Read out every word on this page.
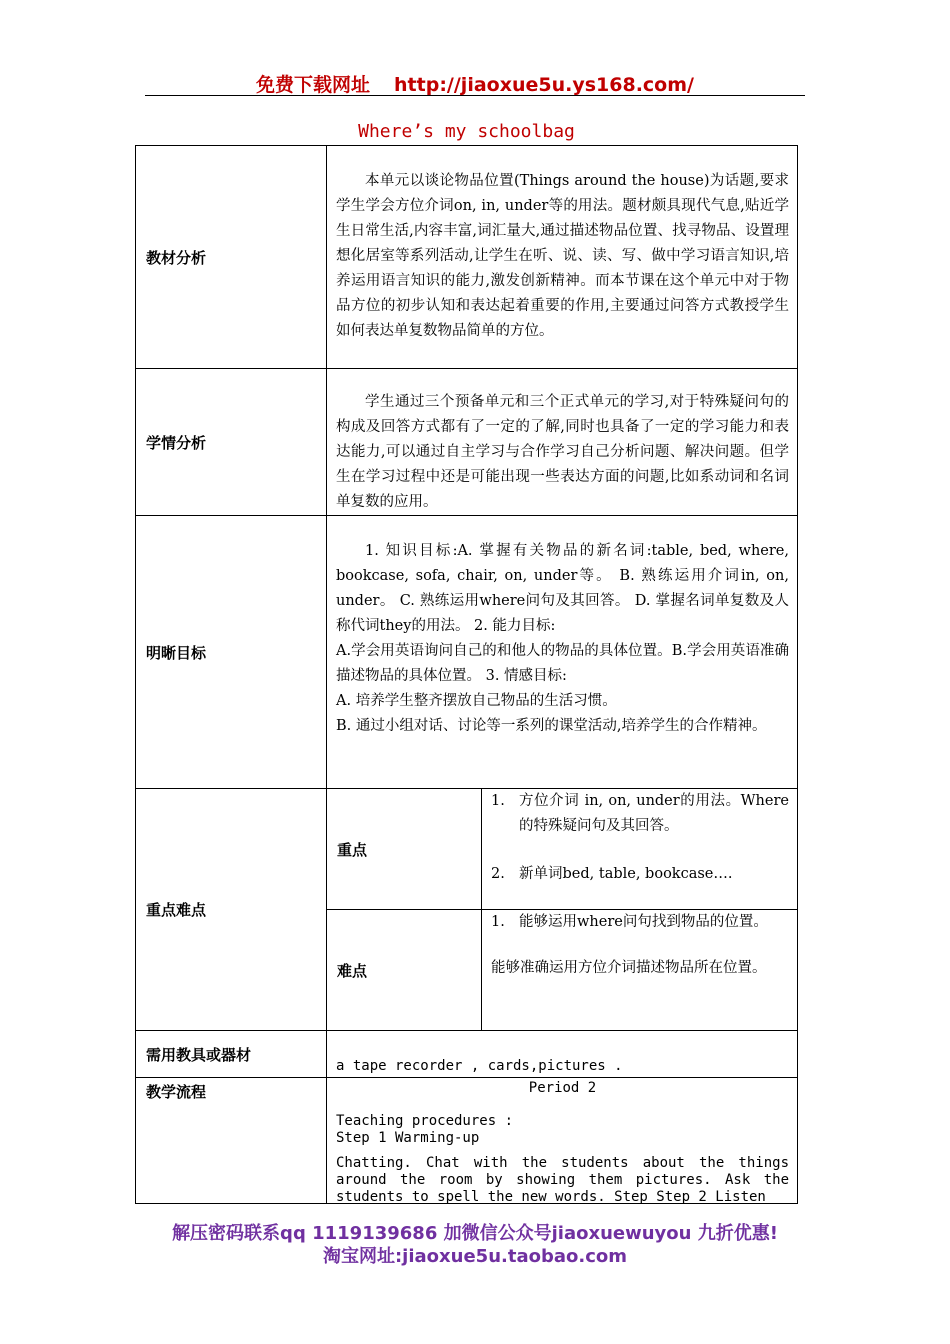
免费下载网址 http://jiaoxue5u.ys168.com/
Where’s my schoolbag
教材分析

本单元以谈论物品位置(Things around the house)为话题,要求学生学会方位介词on, in, under等的用法。题材颇具现代气息,贴近学生日常生活,内容丰富,词汇量大,通过描述物品位置、找寻物品、设置理想化居室等系列活动,让学生在听、说、读、写、做中学习语言知识,培养运用语言知识的能力,激发创新精神。而本节课在这个单元中对于物品方位的初步认知和表达起着重要的作用,主要通过问答方式教授学生如何表达单复数物品简单的方位。

学情分析

学生通过三个预备单元和三个正式单元的学习,对于特殊疑问句的构成及回答方式都有了一定的了解,同时也具备了一定的学习能力和表达能力,可以通过自主学习与合作学习自己分析问题、解决问题。但学生在学习过程中还是可能出现一些表达方面的问题,比如系动词和名词单复数的应用。

明晰目标

1. 知识目标:A. 掌握有关物品的新名词:table, bed, where, bookcase, sofa, chair, on, under等。 B. 熟练运用介词in, on, under。 C. 熟练运用where问句及其回答。 D. 掌握名词单复数及人称代词they的用法。 2. 能力目标:

A.学会用英语询问自己的和他人的物品的具体位置。B.学会用英语准确描述物品的具体位置。 3. 情感目标:

A. 培养学生整齐摆放自己物品的生活习惯。

B. 通过小组对话、讨论等一系列的课堂活动,培养学生的合作精神。

重点难点
重点
1. 方位介词 in, on, under的用法。Where的特殊疑问句及其回答。
2. 新单词bed, table, bookcase….
难点
1. 能够运用where问句找到物品的位置。

能够准确运用方位介词描述物品所在位置。

需用教具或器材
a tape recorder , cards,pictures .
教学流程	Period 2
Teaching procedures :
Step 1 Warming-up
Chatting. Chat with the students about the things around the room by showing them pictures. Ask the students to spell the new words. Step Step 2 Listen
解压密码联系qq 1119139686 加微信公众号jiaoxuewuyou 九折优惠!
淘宝网址:jiaoxue5u.taobao.com
